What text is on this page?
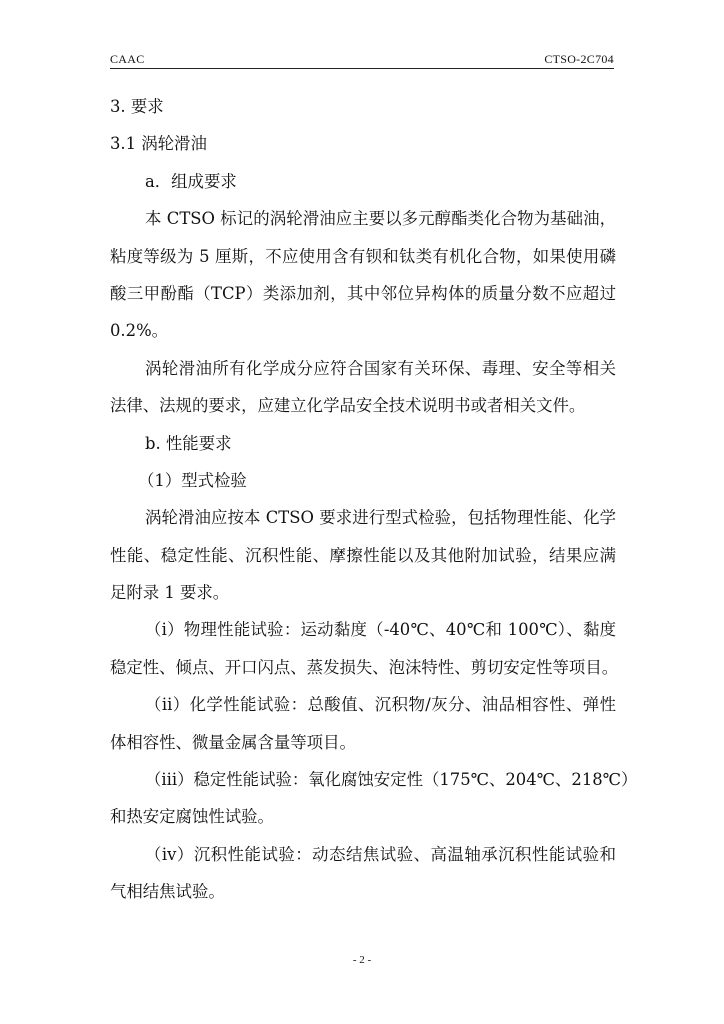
CAAC	CTSO-2C704
3. 要求
3.1 涡轮滑油
a．组成要求
本 CTSO 标记的涡轮滑油应主要以多元醇酯类化合物为基础油，
粘度等级为 5 厘斯，不应使用含有钡和钛类有机化合物，如果使用磷
酸三甲酚酯（TCP）类添加剂，其中邻位异构体的质量分数不应超过
0.2%。
涡轮滑油所有化学成分应符合国家有关环保、毒理、安全等相关
法律、法规的要求，应建立化学品安全技术说明书或者相关文件。
b. 性能要求
（1）型式检验
涡轮滑油应按本 CTSO 要求进行型式检验，包括物理性能、化学
性能、稳定性能、沉积性能、摩擦性能以及其他附加试验，结果应满
足附录 1 要求。
（i）物理性能试验：运动黏度（-40℃、40℃和 100℃）、黏度
稳定性、倾点、开口闪点、蒸发损失、泡沫特性、剪切安定性等项目。
（ii）化学性能试验：总酸值、沉积物/灰分、油品相容性、弹性
体相容性、微量金属含量等项目。
（iii）稳定性能试验：氧化腐蚀安定性（175℃、204℃、218℃）
和热安定腐蚀性试验。
（iv）沉积性能试验：动态结焦试验、高温轴承沉积性能试验和
气相结焦试验。
- 2 -
